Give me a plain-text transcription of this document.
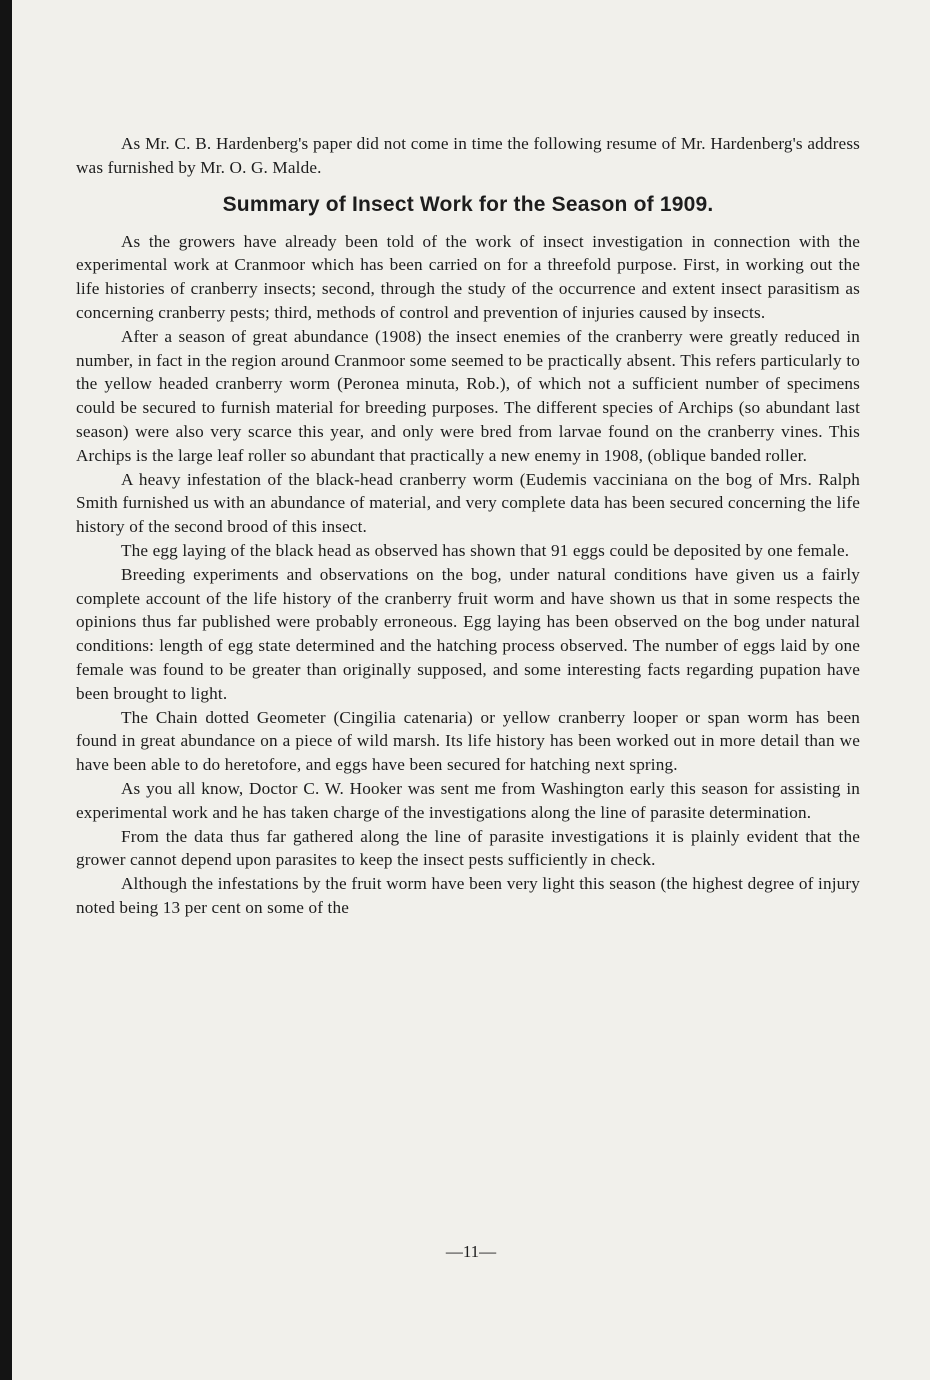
As Mr. C. B. Hardenberg's paper did not come in time the following resume of Mr. Hardenberg's address was furnished by Mr. O. G. Malde.

Summary of Insect Work for the Season of 1909.

As the growers have already been told of the work of insect investigation in connection with the experimental work at Cranmoor which has been carried on for a threefold purpose. First, in working out the life histories of cranberry insects; second, through the study of the occurrence and extent insect parasitism as concerning cranberry pests; third, methods of control and prevention of injuries caused by insects.

After a season of great abundance (1908) the insect enemies of the cranberry were greatly reduced in number, in fact in the region around Cranmoor some seemed to be practically absent. This refers particularly to the yellow headed cranberry worm (Peronea minuta, Rob.), of which not a sufficient number of specimens could be secured to furnish material for breeding purposes. The different species of Archips (so abundant last season) were also very scarce this year, and only were bred from larvae found on the cranberry vines. This Archips is the large leaf roller so abundant that practically a new enemy in 1908, (oblique banded roller.

A heavy infestation of the black-head cranberry worm (Eudemis vacciniana on the bog of Mrs. Ralph Smith furnished us with an abundance of material, and very complete data has been secured concerning the life history of the second brood of this insect.

The egg laying of the black head as observed has shown that 91 eggs could be deposited by one female.

Breeding experiments and observations on the bog, under natural conditions have given us a fairly complete account of the life history of the cranberry fruit worm and have shown us that in some respects the opinions thus far published were probably erroneous. Egg laying has been observed on the bog under natural conditions: length of egg state determined and the hatching process observed. The number of eggs laid by one female was found to be greater than originally supposed, and some interesting facts regarding pupation have been brought to light.

The Chain dotted Geometer (Cingilia catenaria) or yellow cranberry looper or span worm has been found in great abundance on a piece of wild marsh. Its life history has been worked out in more detail than we have been able to do heretofore, and eggs have been secured for hatching next spring.

As you all know, Doctor C. W. Hooker was sent me from Washington early this season for assisting in experimental work and he has taken charge of the investigations along the line of parasite determination.

From the data thus far gathered along the line of parasite investigations it is plainly evident that the grower cannot depend upon parasites to keep the insect pests sufficiently in check.

Although the infestations by the fruit worm have been very light this season (the highest degree of injury noted being 13 per cent on some of the

—11—
